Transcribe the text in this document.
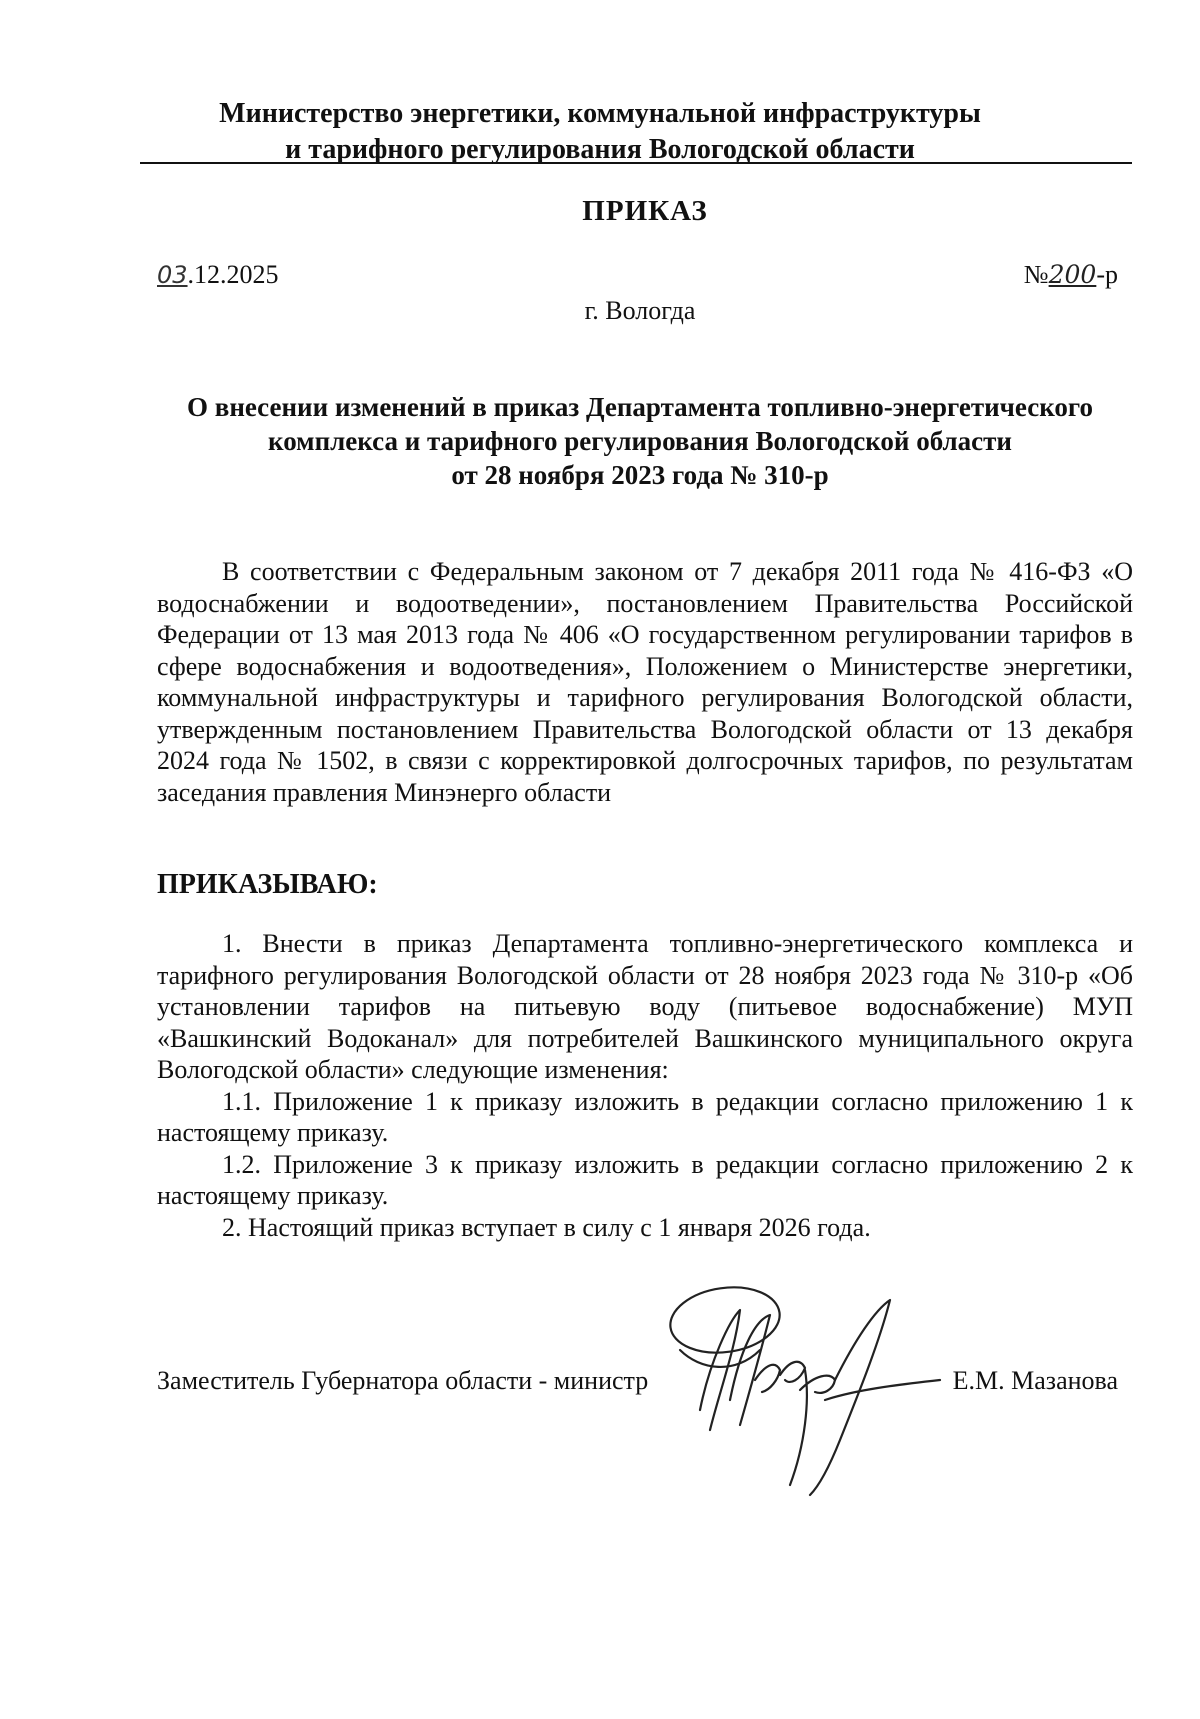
Министерство энергетики, коммунальной инфраструктуры
и тарифного регулирования Вологодской области
ПРИКАЗ
03.12.2025	№200-р
г. Вологда
О внесении изменений в приказ Департамента топливно-энергетического
комплекса и тарифного регулирования Вологодской области
от 28 ноября 2023 года № 310-р
В соответствии с Федеральным законом от 7 декабря 2011 года № 416-ФЗ «О водоснабжении и водоотведении», постановлением Правительства Российской Федерации от 13 мая 2013 года № 406 «О государственном регулировании тарифов в сфере водоснабжения и водоотведения», Положением о Министерстве энергетики, коммунальной инфраструктуры и тарифного регулирования Вологодской области, утвержденным постановлением Правительства Вологодской области от 13 декабря 2024 года № 1502, в связи с корректировкой долгосрочных тарифов, по результатам заседания правления Минэнерго области
ПРИКАЗЫВАЮ:

1. Внести в приказ Департамента топливно-энергетического комплекса и тарифного регулирования Вологодской области от 28 ноября 2023 года № 310-р «Об установлении тарифов на питьевую воду (питьевое водоснабжение) МУП «Вашкинский Водоканал» для потребителей Вашкинского муниципального округа Вологодской области» следующие изменения:

1.1. Приложение 1 к приказу изложить в редакции согласно приложению 1 к настоящему приказу.

1.2. Приложение 3 к приказу изложить в редакции согласно приложению 2 к настоящему приказу.

2. Настоящий приказ вступает в силу с 1 января 2026 года.

Заместитель Губернатора области - министр	Е.М. Мазанова
